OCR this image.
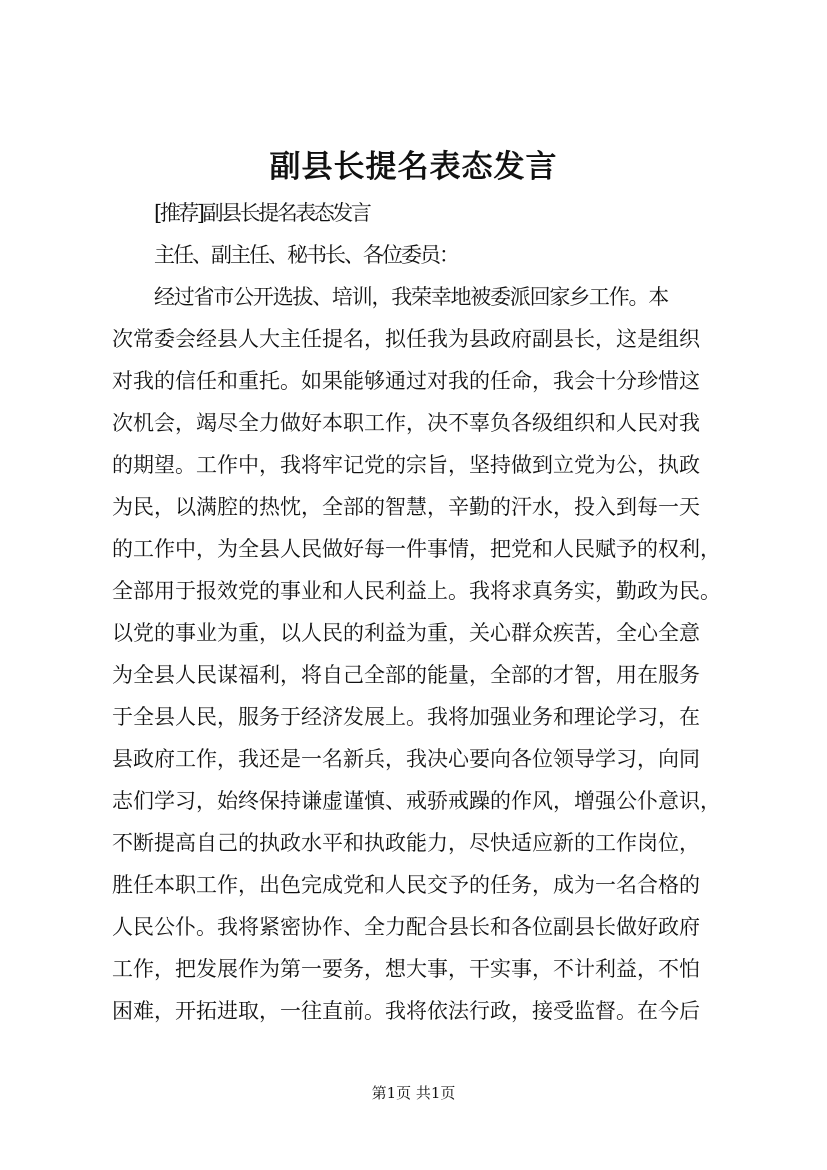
副县长提名表态发言
[推荐]副县长提名表态发言
主任、副主任、秘书长、各位委员：
经过省市公开选拔、培训，我荣幸地被委派回家乡工作。本
次常委会经县人大主任提名，拟任我为县政府副县长，这是组织
对我的信任和重托。如果能够通过对我的任命，我会十分珍惜这
次机会，竭尽全力做好本职工作，决不辜负各级组织和人民对我
的期望。工作中，我将牢记党的宗旨，坚持做到立党为公，执政
为民，以满腔的热忱，全部的智慧，辛勤的汗水，投入到每一天
的工作中，为全县人民做好每一件事情，把党和人民赋予的权利，
全部用于报效党的事业和人民利益上。我将求真务实，勤政为民。
以党的事业为重，以人民的利益为重，关心群众疾苦，全心全意
为全县人民谋福利，将自己全部的能量，全部的才智，用在服务
于全县人民，服务于经济发展上。我将加强业务和理论学习，在
县政府工作，我还是一名新兵，我决心要向各位领导学习，向同
志们学习，始终保持谦虚谨慎、戒骄戒躁的作风，增强公仆意识，
不断提高自己的执政水平和执政能力，尽快适应新的工作岗位，
胜任本职工作，出色完成党和人民交予的任务，成为一名合格的
人民公仆。我将紧密协作、全力配合县长和各位副县长做好政府
工作，把发展作为第一要务，想大事，干实事，不计利益，不怕
困难，开拓进取，一往直前。我将依法行政，接受监督。在今后
第1页 共1页
